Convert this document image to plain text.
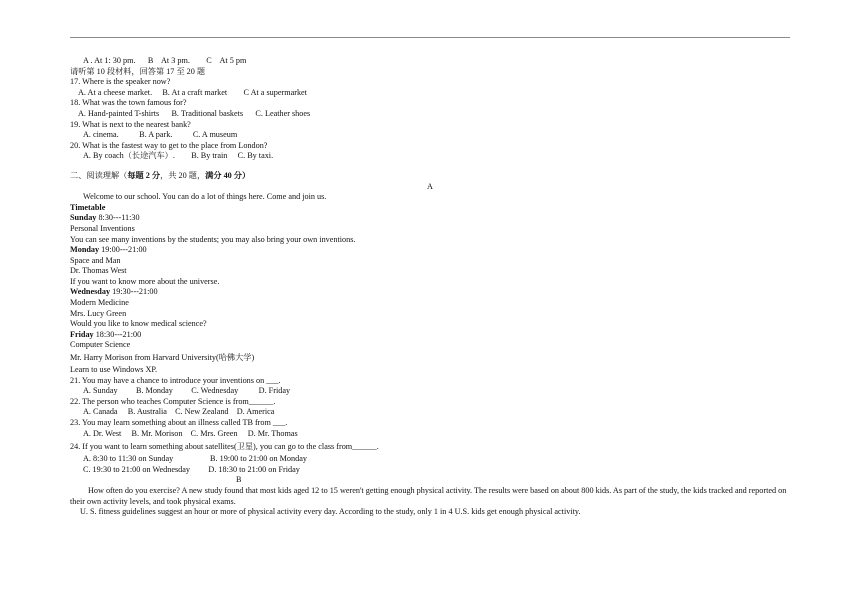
A . At 1: 30 pm.      B    At 3 pm.        C    At 5 pm
请听第 10 段材料，回答第 17 至 20 题
17. Where is the speaker now?
A. At a cheese market.     B. At a craft market        C At a supermarket
18. What was the town famous for?
A. Hand-painted T-shirts      B. Traditional baskets      C. Leather shoes
19. What is next to the nearest bank?
A. cinema.          B. A park.          C. A museum
20. What is the fastest way to get to the place from London?
A. By coach（长途汽车）.        B. By train     C. By taxi.
二、阅读理解（每题 2 分，共 20 题，满分 40 分）
A
Welcome to our school. You can do a lot of things here. Come and join us.
Timetable
Sunday 8:30---11:30
Personal Inventions
You can see many inventions by the students; you may also bring your own inventions.
Monday 19:00---21:00
Space and Man
Dr. Thomas West
If you want to know more about the universe.
Wednesday 19:30---21:00
Modern Medicine
Mrs. Lucy Green
Would you like to know medical science?
Friday 18:30---21:00
Computer Science
Mr. Harry Morison from Harvard University(哈佛大学)
Learn to use Windows XP.
21. You may have a chance to introduce your inventions on ___.
A. Sunday         B. Monday         C. Wednesday          D. Friday
22. The person who teaches Computer Science is from______.
A. Canada     B. Australia    C. New Zealand    D. America
23. You may learn something about an illness called TB from ___.
A. Dr. West     B. Mr. Morison    C. Mrs. Green     D. Mr. Thomas
24. If you want to learn something about satellites(卫星), you can go to the class from______.
A. 8:30 to 11:30 on Sunday                  B. 19:00 to 21:00 on Monday
C. 19:30 to 21:00 on Wednesday         D. 18:30 to 21:00 on Friday
B
How often do you exercise? A new study found that most kids aged 12 to 15 weren't getting enough physical activity. The results were based on about 800 kids. As part of the study, the kids tracked and reported on their own activity levels, and took physical exams.
U. S. fitness guidelines suggest an hour or more of physical activity every day. According to the study, only 1 in 4 U.S. kids get enough physical activity.
